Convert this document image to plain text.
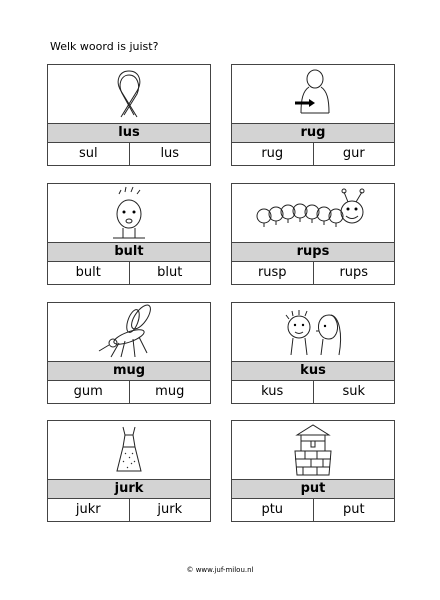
Welk woord is juist?
lus
sul	lus
rug
rug	gur
bult
bult	blut
rups
rusp	rups
mug
gum	mug
kus
kus	suk
jurk
jukr	jurk
put
ptu	put
© www.juf-milou.nl
